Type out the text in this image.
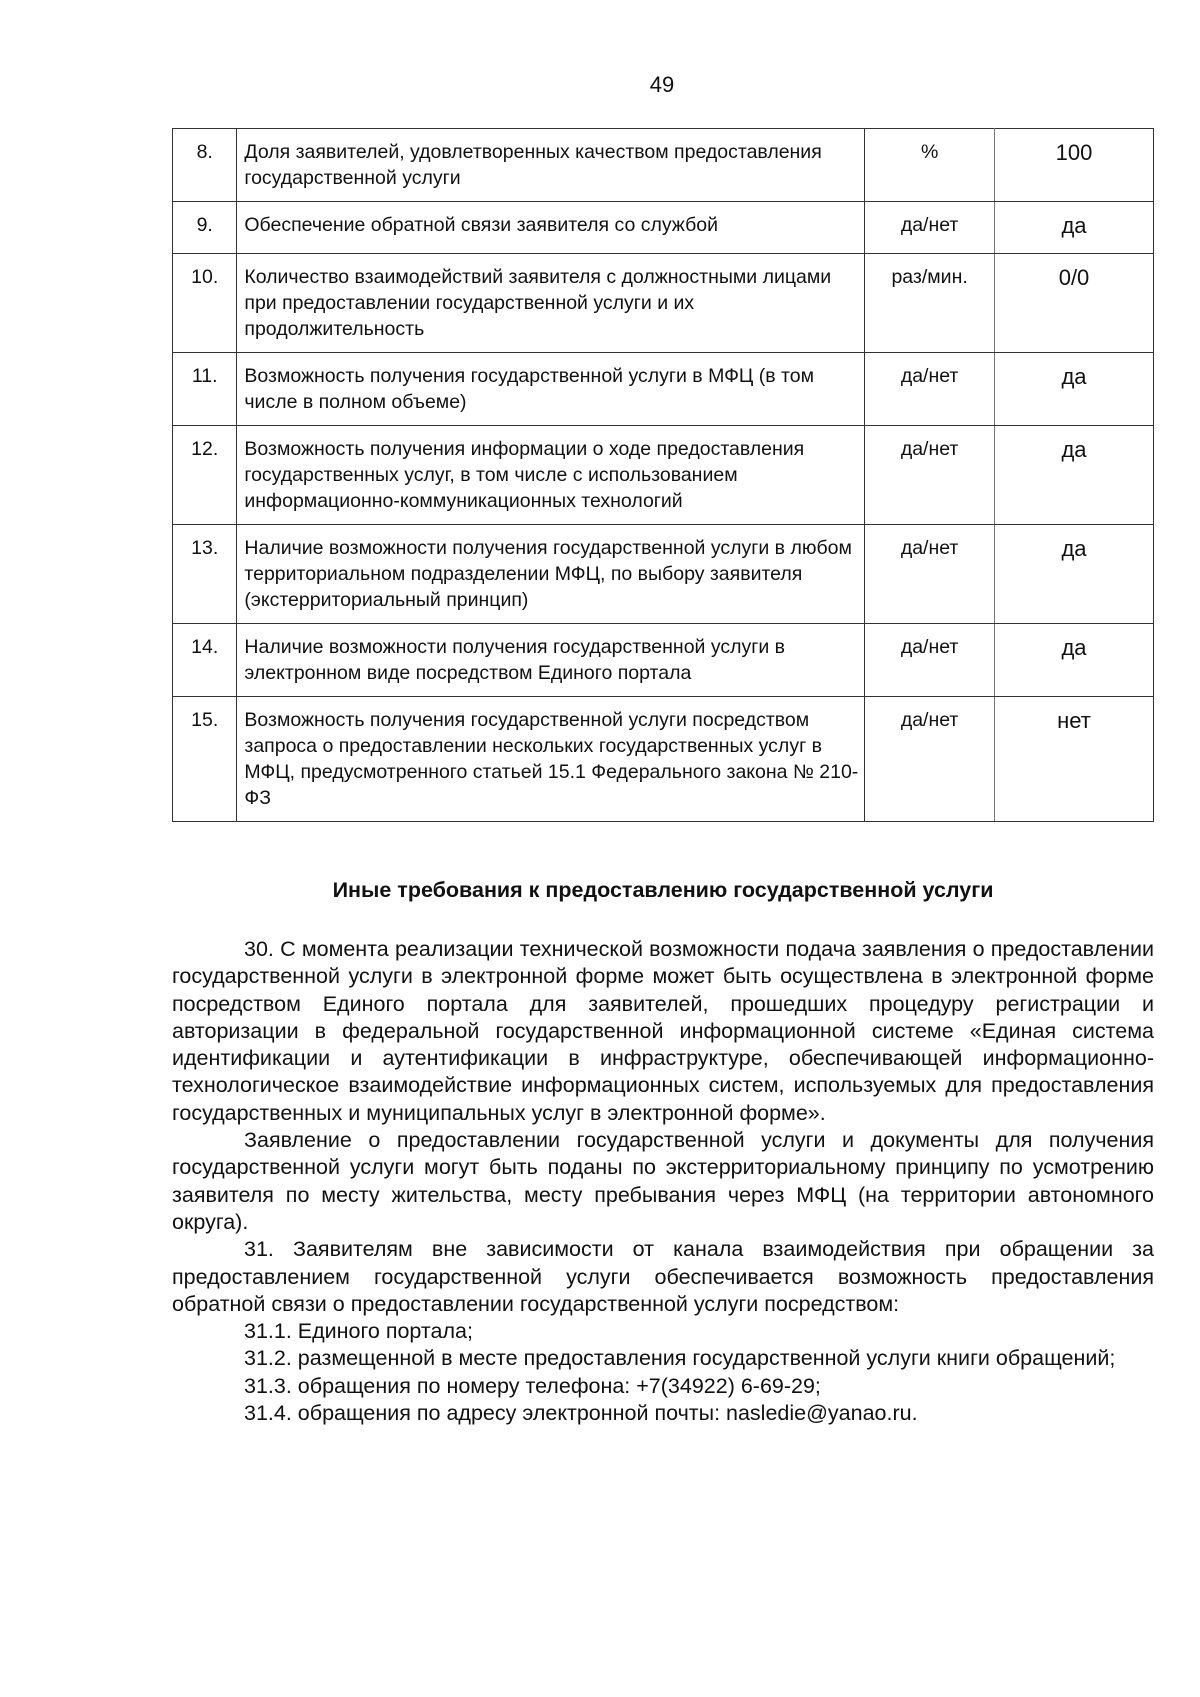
49
8.	Доля заявителей, удовлетворенных качеством предоставления государственной услуги	%	100
9.	Обеспечение обратной связи заявителя со службой	да/нет	да
10.	Количество взаимодействий заявителя с должностными лицами при предоставлении государственной услуги и их продолжительность	раз/мин.	0/0
11.	Возможность получения государственной услуги в МФЦ (в том числе в полном объеме)	да/нет	да
12.	Возможность получения информации о ходе предоставления государственных услуг, в том числе с использованием информационно-коммуникационных технологий	да/нет	да
13.	Наличие возможности получения государственной услуги в любом территориальном подразделении МФЦ, по выбору заявителя (экстерриториальный принцип)	да/нет	да
14.	Наличие возможности получения государственной услуги в электронном виде посредством Единого портала	да/нет	да
15.	Возможность получения государственной услуги посредством запроса о предоставлении нескольких государственных услуг в МФЦ, предусмотренного статьей 15.1 Федерального закона № 210-ФЗ	да/нет	нет
Иные требования к предоставлению государственной услуги

30. С момента реализации технической возможности подача заявления о предоставлении государственной услуги в электронной форме может быть осуществлена в электронной форме посредством Единого портала для заявителей, прошедших процедуру регистрации и авторизации в федеральной государственной информационной системе «Единая система идентификации и аутентификации в инфраструктуре, обеспечивающей информационно-технологическое взаимодействие информационных систем, используемых для предоставления государственных и муниципальных услуг в электронной форме».

Заявление о предоставлении государственной услуги и документы для получения государственной услуги могут быть поданы по экстерриториальному принципу по усмотрению заявителя по месту жительства, месту пребывания через МФЦ (на территории автономного округа).

31. Заявителям вне зависимости от канала взаимодействия при обращении за предоставлением государственной услуги обеспечивается возможность предоставления обратной связи о предоставлении государственной услуги посредством:

31.1. Единого портала;

31.2. размещенной в месте предоставления государственной услуги книги обращений;

31.3. обращения по номеру телефона: +7(34922) 6-69-29;

31.4. обращения по адресу электронной почты: nasledie@yanao.ru.
